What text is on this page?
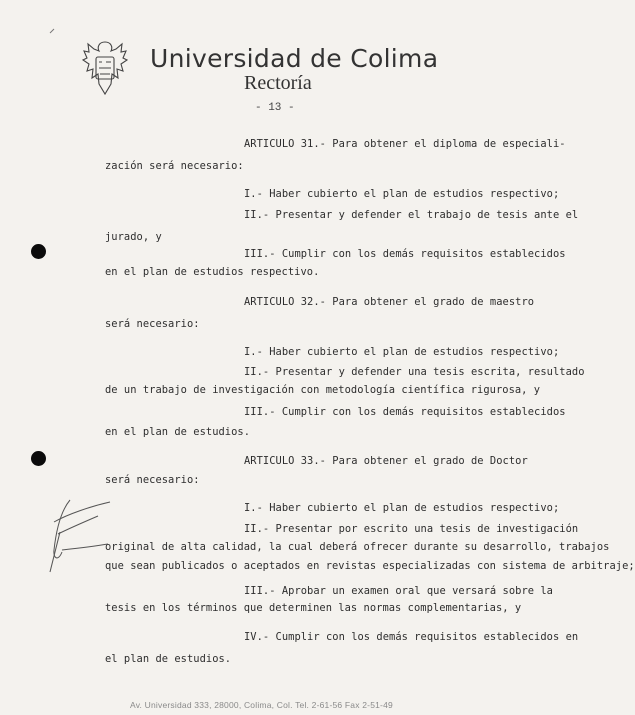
Universidad de Colima
Rectoría
- 13 -
ARTICULO 31.- Para obtener el diploma de especiali-
zación será necesario:
I.- Haber cubierto el plan de estudios respectivo;
II.- Presentar y defender el trabajo de tesis ante el
jurado, y
III.- Cumplir con los demás requisitos establecidos
en el plan de estudios respectivo.
ARTICULO 32.- Para obtener el grado de maestro
será necesario:
I.- Haber cubierto el plan de estudios respectivo;
II.- Presentar y defender una tesis escrita, resultado
de un trabajo de investigación con metodología científica rigurosa, y
III.- Cumplir con los demás requisitos establecidos
en el plan de estudios.
ARTICULO 33.- Para obtener el grado de Doctor
será necesario:
I.- Haber cubierto el plan de estudios respectivo;
II.- Presentar por escrito una tesis de investigación
original de alta calidad, la cual deberá ofrecer durante su desarrollo, trabajos
que sean publicados o aceptados en revistas especializadas con sistema de arbitraje;
III.- Aprobar un examen oral que versará sobre la
tesis en los términos que determinen las normas complementarias, y
IV.- Cumplir con los demás requisitos establecidos en
el plan de estudios.
Av. Universidad 333, 28000, Colima, Col. Tel. 2-61-56 Fax 2-51-49
